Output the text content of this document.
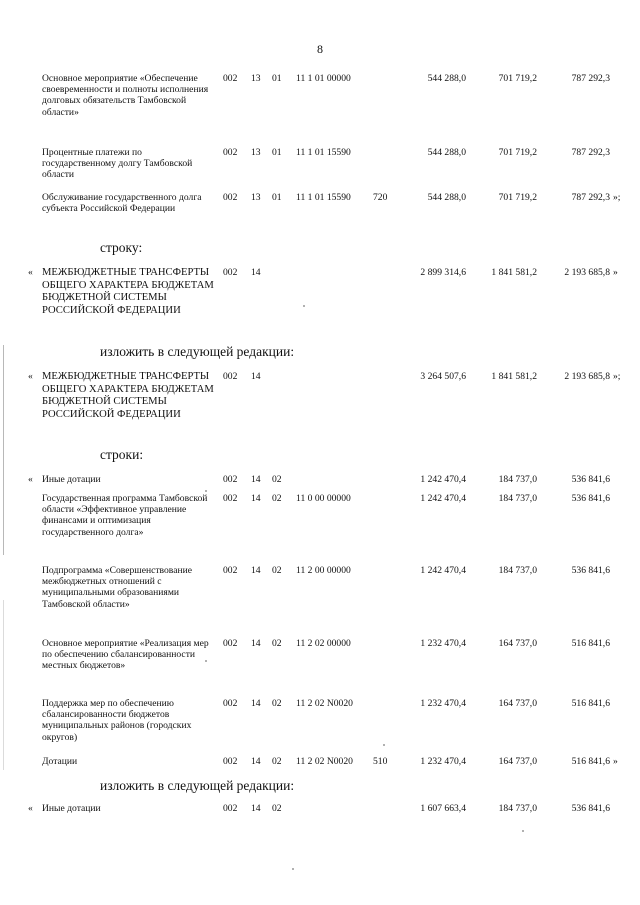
8
Основное мероприятие «Обеспечение своевременности и полноты исполнения долговых обязательств Тамбовской области»
002 13 01 11 1 01 00000	544 288,0	701 719,2	787 292,3
Процентные платежи по государственному долгу Тамбовской области
002 13 01 11 1 01 15590	544 288,0	701 719,2	787 292,3
Обслуживание государственного долга субъекта Российской Федерации
002 13 01 11 1 01 15590 720	544 288,0	701 719,2	787 292,3 »;
строку:
« МЕЖБЮДЖЕТНЫЕ ТРАНСФЕРТЫ ОБЩЕГО ХАРАКТЕРА БЮДЖЕТАМ БЮДЖЕТНОЙ СИСТЕМЫ РОССИЙСКОЙ ФЕДЕРАЦИИ
002 14	2 899 314,6	1 841 581,2	2 193 685,8 »
изложить в следующей редакции:
« МЕЖБЮДЖЕТНЫЕ ТРАНСФЕРТЫ ОБЩЕГО ХАРАКТЕРА БЮДЖЕТАМ БЮДЖЕТНОЙ СИСТЕМЫ РОССИЙСКОЙ ФЕДЕРАЦИИ
002 14	3 264 507,6	1 841 581,2	2 193 685,8 »;
строки:
« Иные дотации	002 14 02	1 242 470,4	184 737,0	536 841,6
Государственная программа Тамбовской области «Эффективное управление финансами и оптимизация государственного долга»
002 14 02 11 0 00 00000	1 242 470,4	184 737,0	536 841,6
Подпрограмма «Совершенствование межбюджетных отношений с муниципальными образованиями Тамбовской области»
002 14 02 11 2 00 00000	1 242 470,4	184 737,0	536 841,6
Основное мероприятие «Реализация мер по обеспечению сбалансированности местных бюджетов»
002 14 02 11 2 02 00000	1 232 470,4	164 737,0	516 841,6
Поддержка мер по обеспечению сбалансированности бюджетов муниципальных районов (городских округов)
002 14 02 11 2 02 N0020	1 232 470,4	164 737,0	516 841,6
Дотации	002 14 02 11 2 02 N0020 510	1 232 470,4	164 737,0	516 841,6 »
изложить в следующей редакции:
« Иные дотации	002 14 02	1 607 663,4	184 737,0	536 841,6
